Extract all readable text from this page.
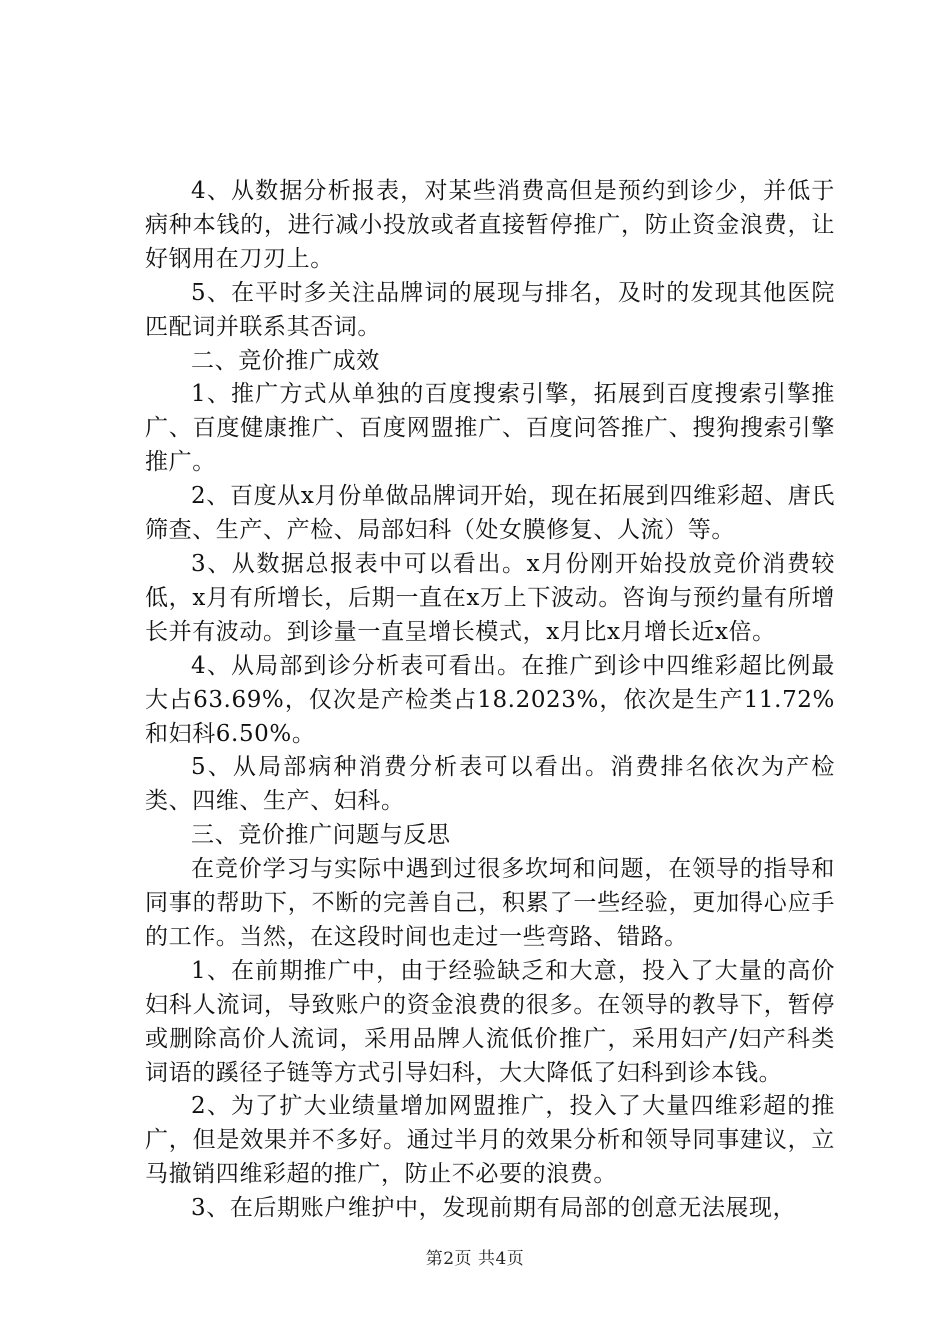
4、从数据分析报表，对某些消费高但是预约到诊少，并低于病种本钱的，进行减小投放或者直接暂停推广，防止资金浪费，让好钢用在刀刃上。

5、在平时多关注品牌词的展现与排名，及时的发现其他医院匹配词并联系其否词。

二、竞价推广成效

1、推广方式从单独的百度搜索引擎，拓展到百度搜索引擎推广、百度健康推广、百度网盟推广、百度问答推广、搜狗搜索引擎推广。

2、百度从x月份单做品牌词开始，现在拓展到四维彩超、唐氏筛查、生产、产检、局部妇科（处女膜修复、人流）等。

3、从数据总报表中可以看出。x月份刚开始投放竞价消费较低，x月有所增长，后期一直在x万上下波动。咨询与预约量有所增长并有波动。到诊量一直呈增长模式，x月比x月增长近x倍。

4、从局部到诊分析表可看出。在推广到诊中四维彩超比例最大占63.69%，仅次是产检类占18.2023%，依次是生产11.72%和妇科6.50%。

5、从局部病种消费分析表可以看出。消费排名依次为产检类、四维、生产、妇科。

三、竞价推广问题与反思

在竞价学习与实际中遇到过很多坎坷和问题，在领导的指导和同事的帮助下，不断的完善自己，积累了一些经验，更加得心应手的工作。当然，在这段时间也走过一些弯路、错路。

1、在前期推广中，由于经验缺乏和大意，投入了大量的高价妇科人流词，导致账户的资金浪费的很多。在领导的教导下，暂停或删除高价人流词，采用品牌人流低价推广，采用妇产/妇产科类词语的蹊径子链等方式引导妇科，大大降低了妇科到诊本钱。

2、为了扩大业绩量增加网盟推广，投入了大量四维彩超的推广，但是效果并不多好。通过半月的效果分析和领导同事建议，立马撤销四维彩超的推广，防止不必要的浪费。

3、在后期账户维护中，发现前期有局部的创意无法展现，

第2页 共4页
